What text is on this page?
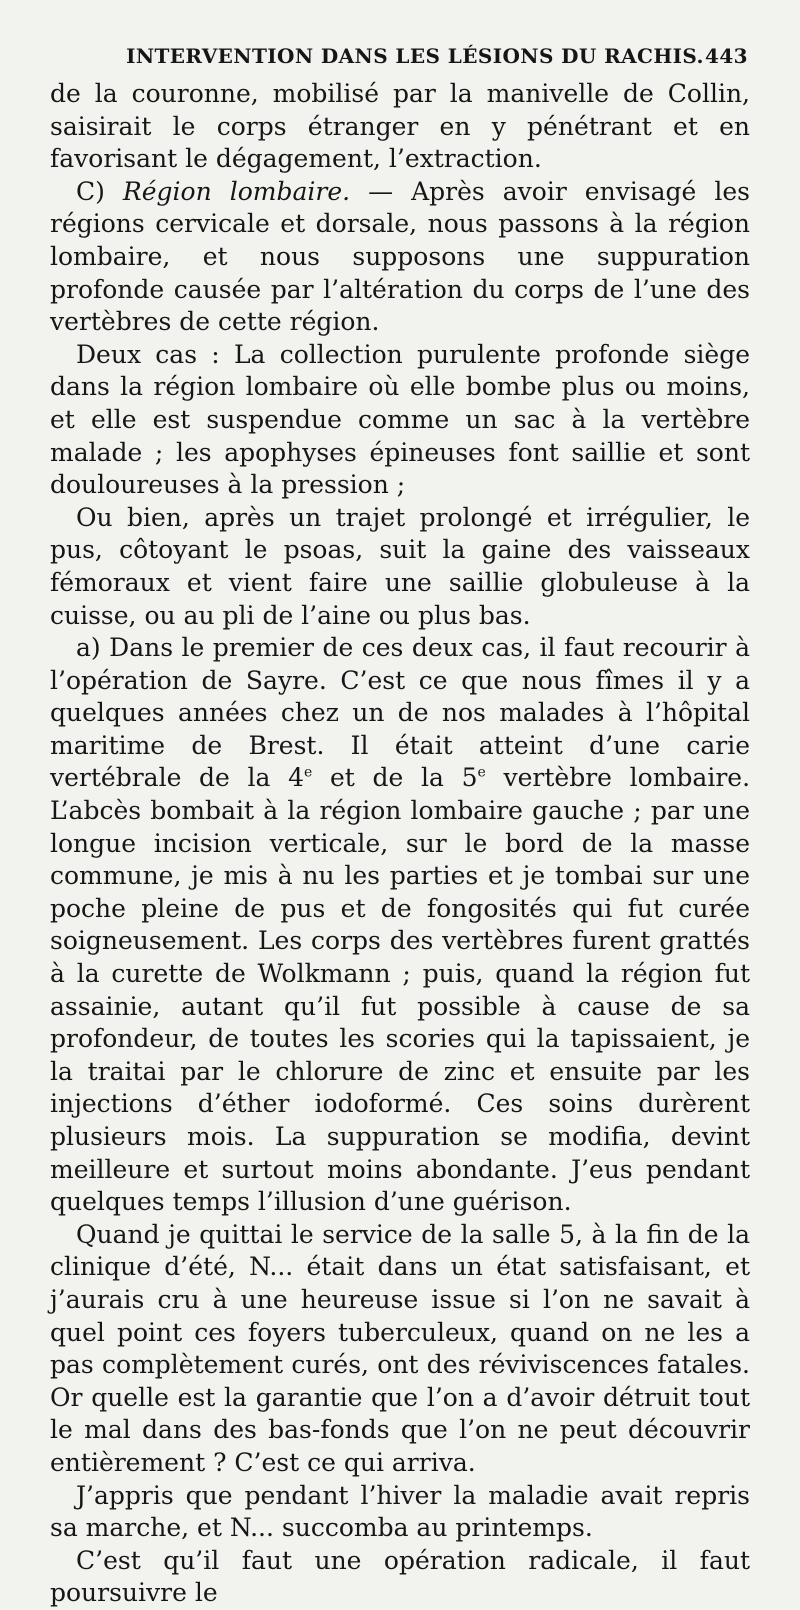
INTERVENTION DANS LES LÉSIONS DU RACHIS. 443

de la couronne, mobilisé par la manivelle de Collin, saisirait le corps étranger en y pénétrant et en favorisant le dégagement, l’extraction.

C) Région lombaire. — Après avoir envisagé les régions cervicale et dorsale, nous passons à la région lombaire, et nous supposons une suppuration profonde causée par l’altération du corps de l’une des vertèbres de cette région.

Deux cas : La collection purulente profonde siège dans la région lombaire où elle bombe plus ou moins, et elle est suspendue comme un sac à la vertèbre malade ; les apophyses épineuses font saillie et sont douloureuses à la pression ;

Ou bien, après un trajet prolongé et irrégulier, le pus, côtoyant le psoas, suit la gaine des vaisseaux fémoraux et vient faire une saillie globuleuse à la cuisse, ou au pli de l’aine ou plus bas.

a) Dans le premier de ces deux cas, il faut recourir à l’opération de Sayre. C’est ce que nous fîmes il y a quelques années chez un de nos malades à l’hôpital maritime de Brest. Il était atteint d’une carie vertébrale de la 4e et de la 5e vertèbre lombaire. L’abcès bombait à la région lombaire gauche ; par une longue incision verticale, sur le bord de la masse commune, je mis à nu les parties et je tombai sur une poche pleine de pus et de fongosités qui fut curée soigneusement. Les corps des vertèbres furent grattés à la curette de Wolkmann ; puis, quand la région fut assainie, autant qu’il fut possible à cause de sa profondeur, de toutes les scories qui la tapissaient, je la traitai par le chlorure de zinc et ensuite par les injections d’éther iodoformé. Ces soins durèrent plusieurs mois. La suppuration se modifia, devint meilleure et surtout moins abondante. J’eus pendant quelques temps l’illusion d’une guérison.

Quand je quittai le service de la salle 5, à la fin de la clinique d’été, N... était dans un état satisfaisant, et j’aurais cru à une heureuse issue si l’on ne savait à quel point ces foyers tuberculeux, quand on ne les a pas complètement curés, ont des réviviscences fatales. Or quelle est la garantie que l’on a d’avoir détruit tout le mal dans des bas-fonds que l’on ne peut découvrir entièrement ? C’est ce qui arriva.

J’appris que pendant l’hiver la maladie avait repris sa marche, et N... succomba au printemps.

C’est qu’il faut une opération radicale, il faut poursuivre le
